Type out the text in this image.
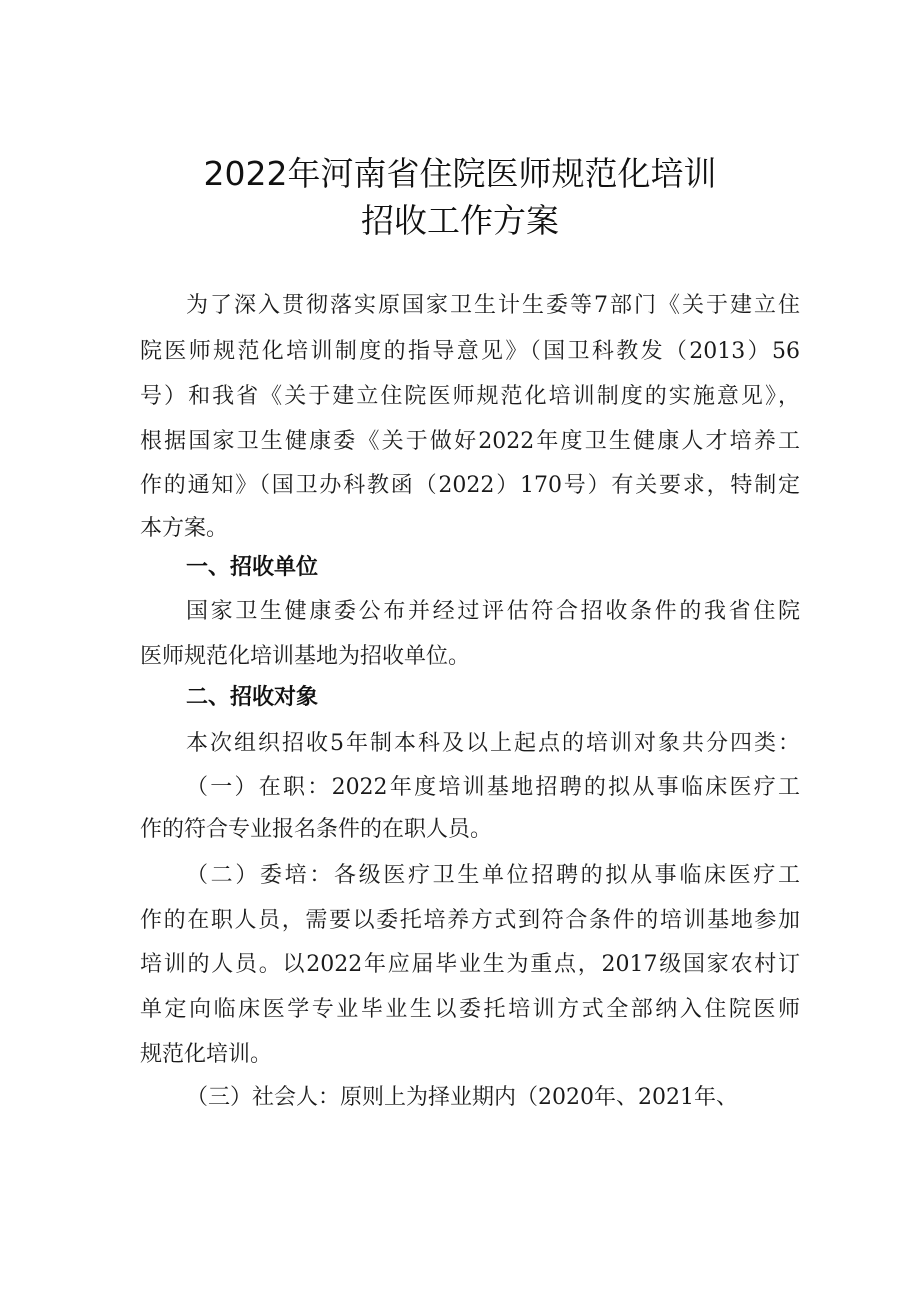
2022年河南省住院医师规范化培训
招收工作方案
为了深入贯彻落实原国家卫生计生委等7部门《关于建立住
院医师规范化培训制度的指导意见》（国卫科教发（2013）56
号）和我省《关于建立住院医师规范化培训制度的实施意见》，
根据国家卫生健康委《关于做好2022年度卫生健康人才培养工
作的通知》（国卫办科教函（2022）170号）有关要求，特制定
本方案。
一、招收单位
国家卫生健康委公布并经过评估符合招收条件的我省住院
医师规范化培训基地为招收单位。
二、招收对象
本次组织招收5年制本科及以上起点的培训对象共分四类：
（一）在职：2022年度培训基地招聘的拟从事临床医疗工
作的符合专业报名条件的在职人员。
（二）委培：各级医疗卫生单位招聘的拟从事临床医疗工
作的在职人员，需要以委托培养方式到符合条件的培训基地参加
培训的人员。以2022年应届毕业生为重点，2017级国家农村订
单定向临床医学专业毕业生以委托培训方式全部纳入住院医师
规范化培训。
（三）社会人：原则上为择业期内（2020年、2021年、
